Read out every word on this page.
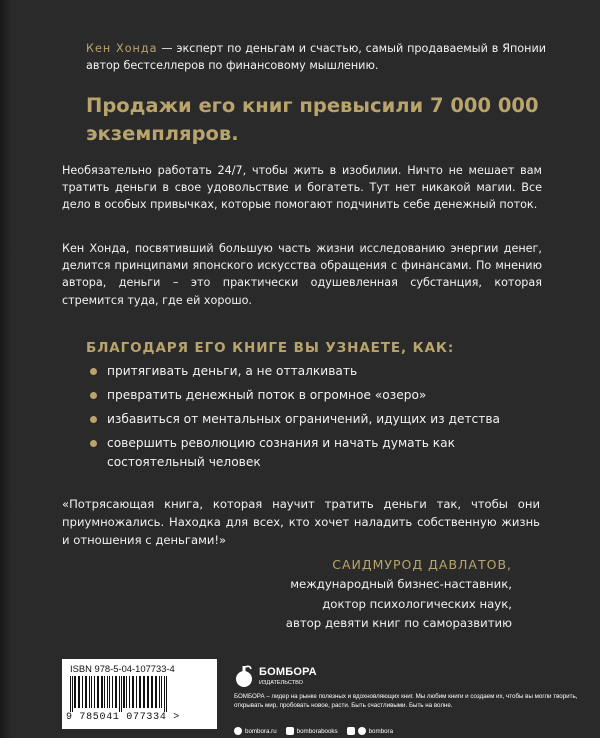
Кен Хонда — эксперт по деньгам и счастью, самый продаваемый в Японии автор бестселлеров по финансовому мышлению.

Продажи его книг превысили 7 000 000 экземпляров.

Необязательно работать 24/7, чтобы жить в изобилии. Ничто не мешает вам тратить деньги в свое удовольствие и богатеть. Тут нет никакой магии. Все дело в особых привычках, которые помогают подчинить себе денежный поток.

Кен Хонда, посвятивший большую часть жизни исследованию энергии денег, делится принципами японского искусства обращения с финансами. По мнению автора, деньги – это практически одушевленная субстанция, которая стремится туда, где ей хорошо.

БЛАГОДАРЯ ЕГО КНИГЕ ВЫ УЗНАЕТЕ, КАК:

притягивать деньги, а не отталкивать
превратить денежный поток в огромное «озеро»
избавиться от ментальных ограничений, идущих из детства
совершить революцию сознания и начать думать как состоятельный человек

«Потрясающая книга, которая научит тратить деньги так, чтобы они приумножались. Находка для всех, кто хочет наладить собственную жизнь и отношения с деньгами!»

САИДМУРОД ДАВЛАТОВ,
международный бизнес-наставник,
доктор психологических наук,
автор девяти книг по саморазвитию
ISBN 978-5-04-107733-4
9 785041 077334 >
БОМБОРА
ИЗДАТЕЛЬСТВО

БОМБОРА – лидер на рынке полезных и вдохновляющих книг. Мы любим книги и создаем их, чтобы вы могли творить, открывать мир, пробовать новое, расти. Быть счастливыми. Быть на волне.

bombora.ru	bomborabooks	bombora
